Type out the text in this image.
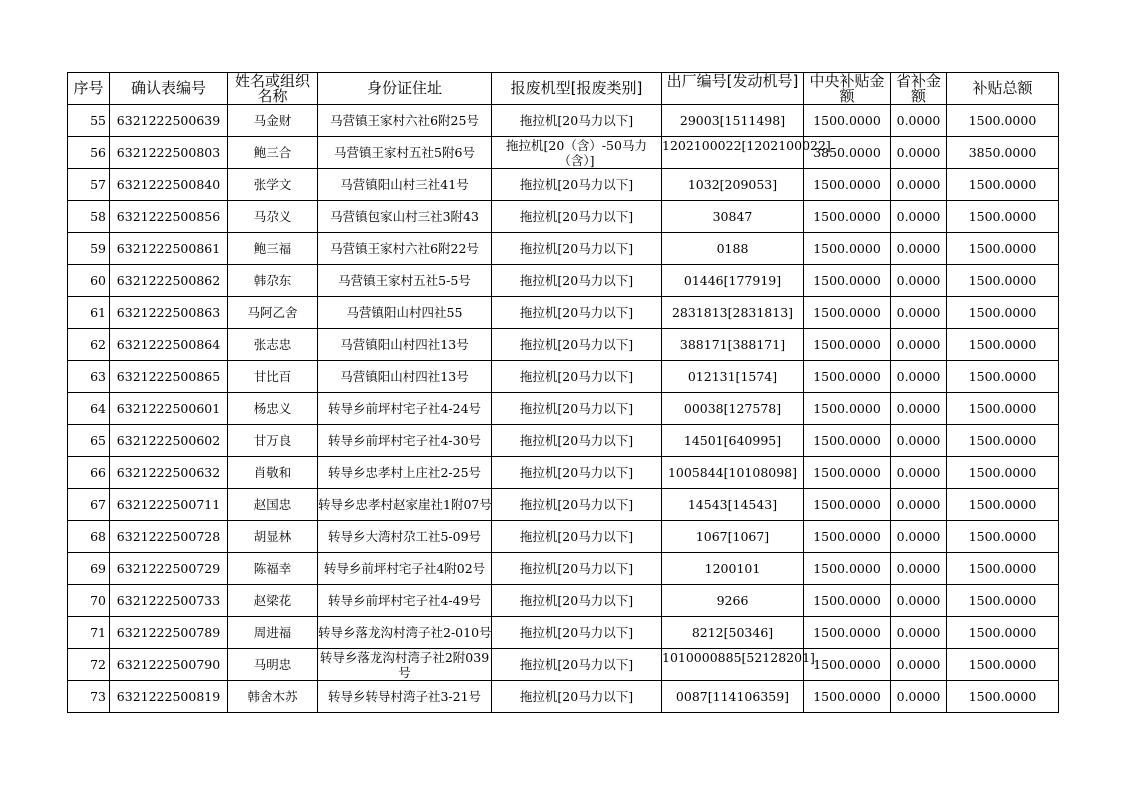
序号	确认表编号	姓名或组织名称	身份证住址	报废机型[报废类别]	出厂编号[发动机号]	中央补贴金额	省补金额	补贴总额
55	6321222500639	马金财	马营镇王家村六社6附25号	拖拉机[20马力以下]	29003[1511498]	1500.0000	0.0000	1500.0000
56	6321222500803	鲍三合	马营镇王家村五社5附6号	拖拉机[20（含）-50马力（含）]	1202100022[1202100022]	3850.0000	0.0000	3850.0000
57	6321222500840	张学文	马营镇阳山村三社41号	拖拉机[20马力以下]	1032[209053]	1500.0000	0.0000	1500.0000
58	6321222500856	马尕义	马营镇包家山村三社3附43	拖拉机[20马力以下]	30847	1500.0000	0.0000	1500.0000
59	6321222500861	鲍三福	马营镇王家村六社6附22号	拖拉机[20马力以下]	0188	1500.0000	0.0000	1500.0000
60	6321222500862	韩尕东	马营镇王家村五社5-5号	拖拉机[20马力以下]	01446[177919]	1500.0000	0.0000	1500.0000
61	6321222500863	马阿乙舍	马营镇阳山村四社55	拖拉机[20马力以下]	2831813[2831813]	1500.0000	0.0000	1500.0000
62	6321222500864	张志忠	马营镇阳山村四社13号	拖拉机[20马力以下]	388171[388171]	1500.0000	0.0000	1500.0000
63	6321222500865	甘比百	马营镇阳山村四社13号	拖拉机[20马力以下]	012131[1574]	1500.0000	0.0000	1500.0000
64	6321222500601	杨忠义	转导乡前坪村宅子社4-24号	拖拉机[20马力以下]	00038[127578]	1500.0000	0.0000	1500.0000
65	6321222500602	甘万良	转导乡前坪村宅子社4-30号	拖拉机[20马力以下]	14501[640995]	1500.0000	0.0000	1500.0000
66	6321222500632	肖敬和	转导乡忠孝村上庄社2-25号	拖拉机[20马力以下]	1005844[10108098]	1500.0000	0.0000	1500.0000
67	6321222500711	赵国忠	转导乡忠孝村赵家崖社1附07号	拖拉机[20马力以下]	14543[14543]	1500.0000	0.0000	1500.0000
68	6321222500728	胡显林	转导乡大湾村尕工社5-09号	拖拉机[20马力以下]	1067[1067]	1500.0000	0.0000	1500.0000
69	6321222500729	陈福幸	转导乡前坪村宅子社4附02号	拖拉机[20马力以下]	1200101	1500.0000	0.0000	1500.0000
70	6321222500733	赵梁花	转导乡前坪村宅子社4-49号	拖拉机[20马力以下]	9266	1500.0000	0.0000	1500.0000
71	6321222500789	周进福	转导乡落龙沟村湾子社2-010号	拖拉机[20马力以下]	8212[50346]	1500.0000	0.0000	1500.0000
72	6321222500790	马明忠	转导乡落龙沟村湾子社2附039号	拖拉机[20马力以下]	1010000885[52128201]	1500.0000	0.0000	1500.0000
73	6321222500819	韩舍木苏	转导乡转导村湾子社3-21号	拖拉机[20马力以下]	0087[114106359]	1500.0000	0.0000	1500.0000
